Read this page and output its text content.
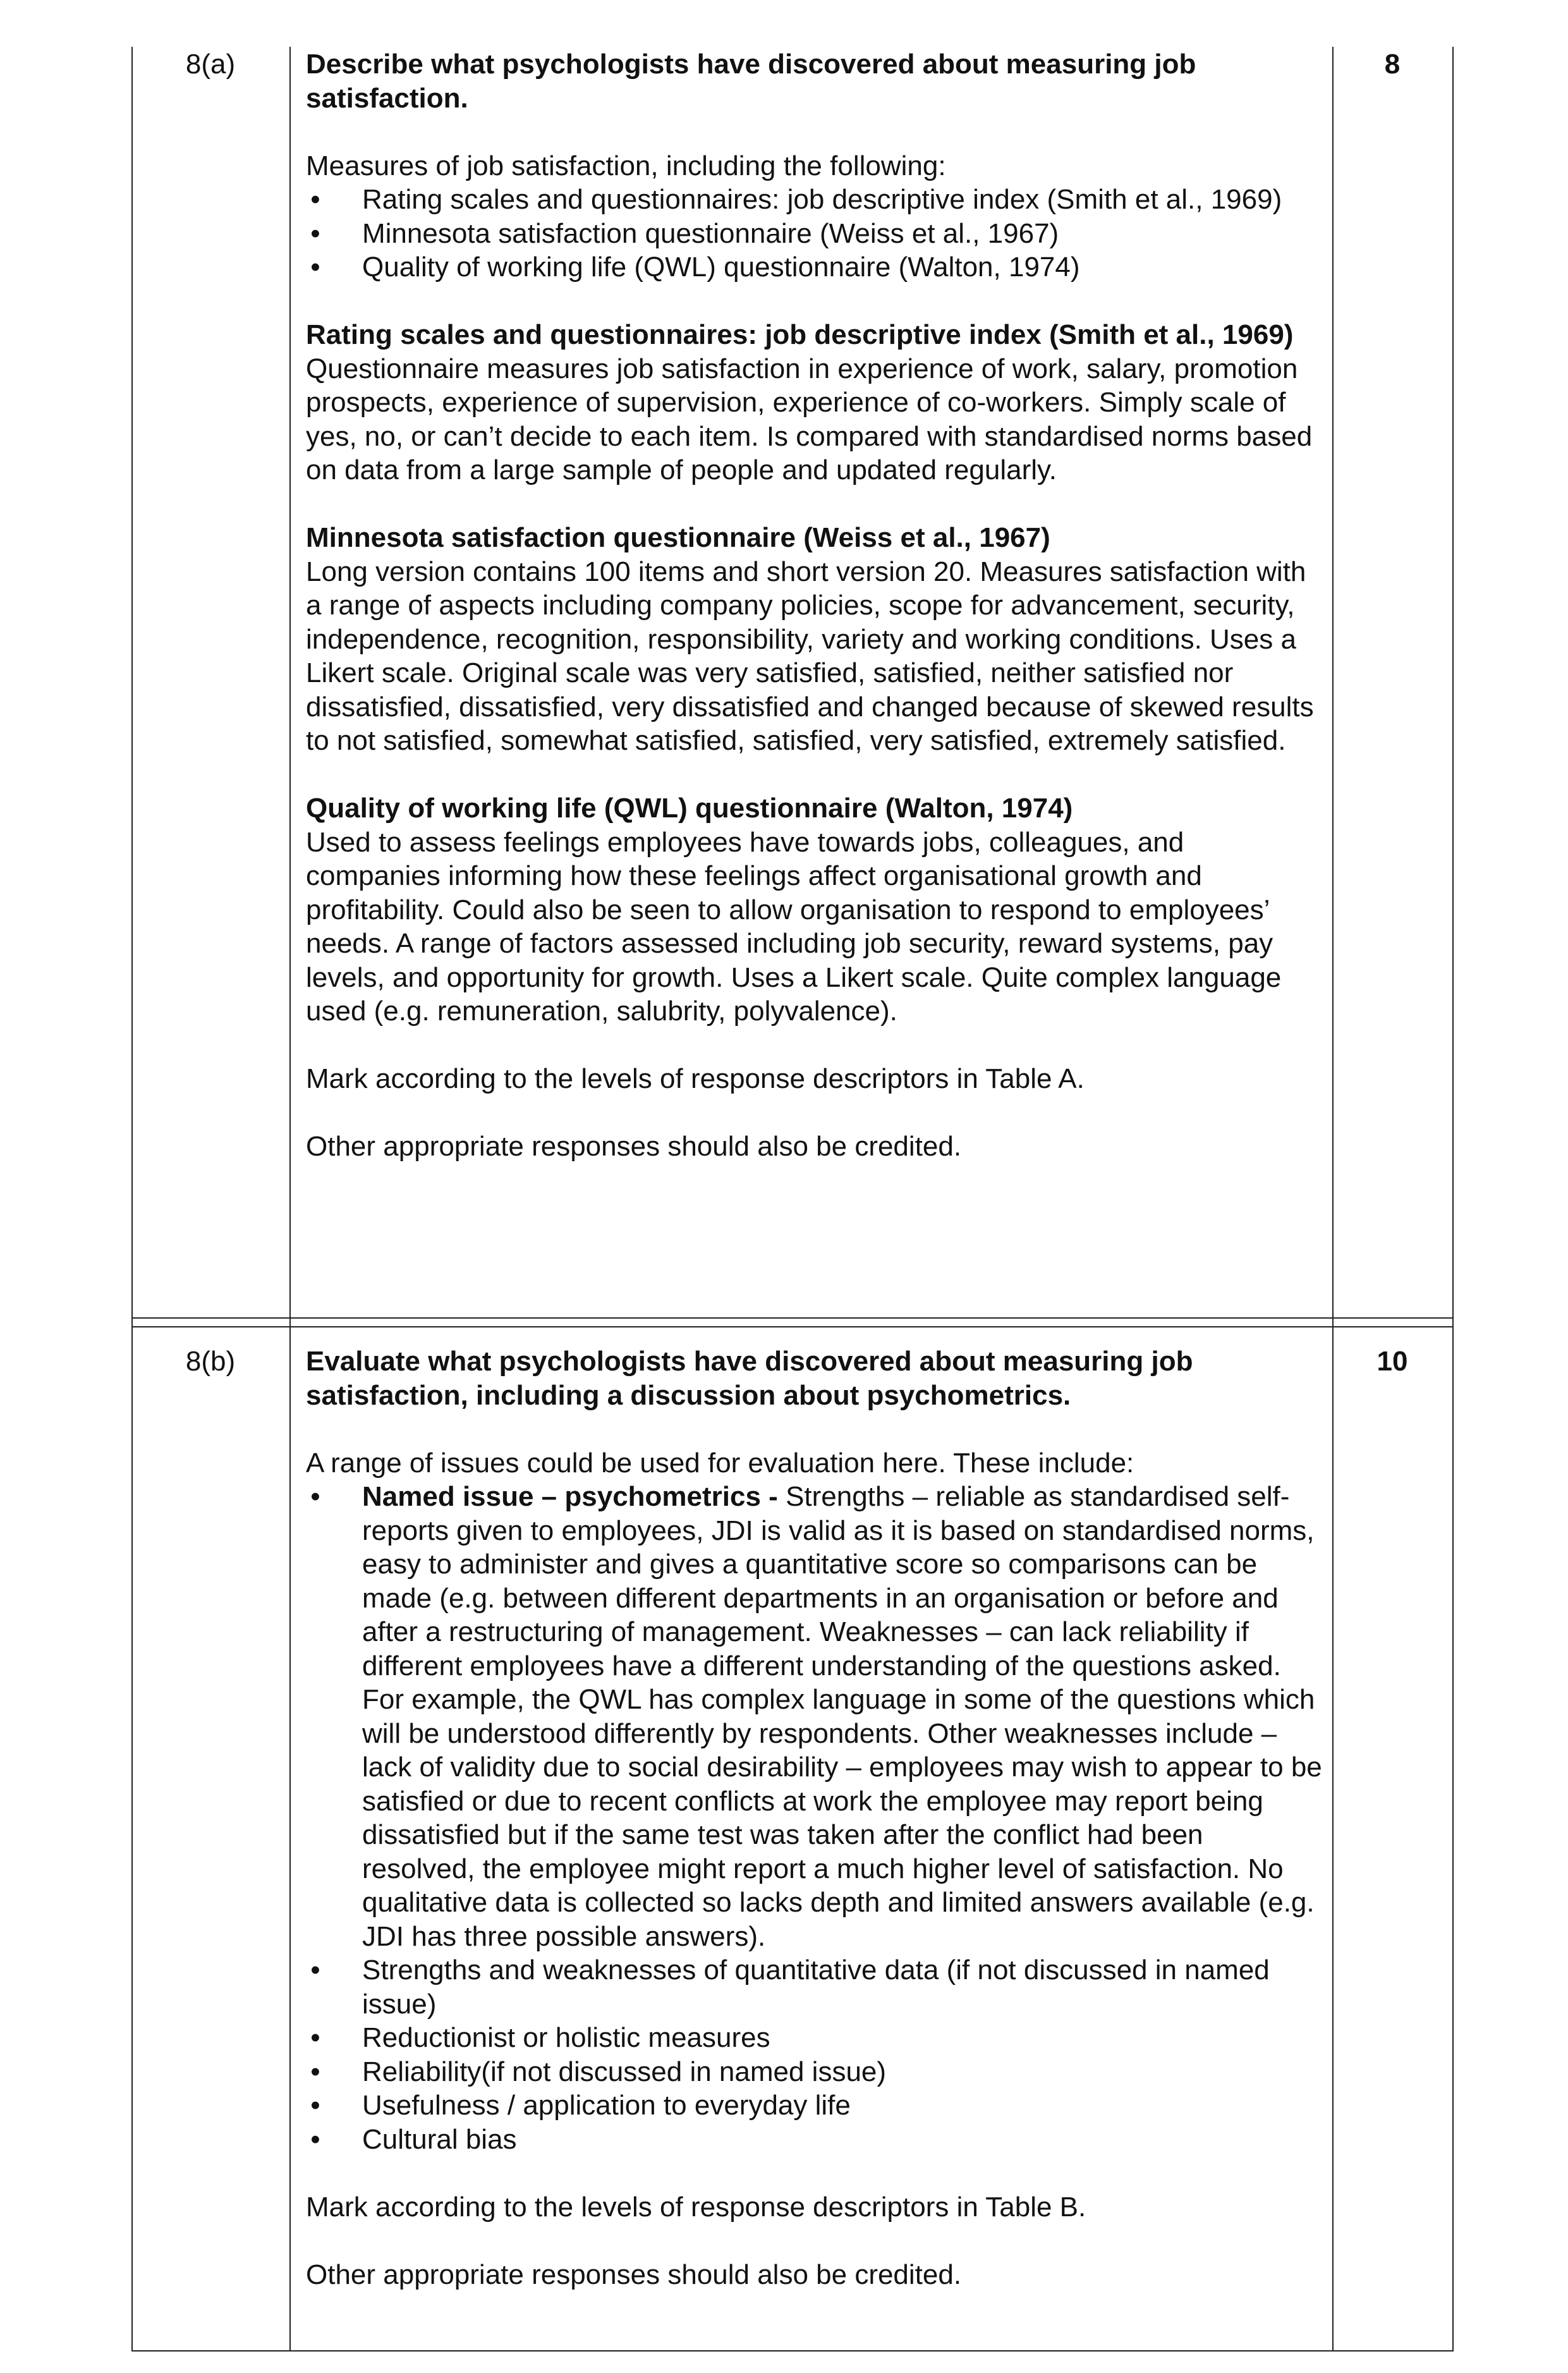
8(a)	8

Describe what psychologists have discovered about measuring job satisfaction.

Measures of job satisfaction, including the following:

• Rating scales and questionnaires: job descriptive index (Smith et al., 1969)
• Minnesota satisfaction questionnaire (Weiss et al., 1967)
• Quality of working life (QWL) questionnaire (Walton, 1974)

Rating scales and questionnaires: job descriptive index (Smith et al., 1969)

Questionnaire measures job satisfaction in experience of work, salary, promotion prospects, experience of supervision, experience of co-workers. Simply scale of yes, no, or can’t decide to each item. Is compared with standardised norms based on data from a large sample of people and updated regularly.

Minnesota satisfaction questionnaire (Weiss et al., 1967)

Long version contains 100 items and short version 20. Measures satisfaction with a range of aspects including company policies, scope for advancement, security, independence, recognition, responsibility, variety and working conditions. Uses a Likert scale. Original scale was very satisfied, satisfied, neither satisfied nor dissatisfied, dissatisfied, very dissatisfied and changed because of skewed results to not satisfied, somewhat satisfied, satisfied, very satisfied, extremely satisfied.

Quality of working life (QWL) questionnaire (Walton, 1974)

Used to assess feelings employees have towards jobs, colleagues, and companies informing how these feelings affect organisational growth and profitability. Could also be seen to allow organisation to respond to employees’ needs. A range of factors assessed including job security, reward systems, pay levels, and opportunity for growth. Uses a Likert scale. Quite complex language used (e.g. remuneration, salubrity, polyvalence).

Mark according to the levels of response descriptors in Table A.

Other appropriate responses should also be credited.

8(b)	10

Evaluate what psychologists have discovered about measuring job satisfaction, including a discussion about psychometrics.

A range of issues could be used for evaluation here. These include:

• Named issue – psychometrics - Strengths – reliable as standardised self-reports given to employees, JDI is valid as it is based on standardised norms, easy to administer and gives a quantitative score so comparisons can be made (e.g. between different departments in an organisation or before and after a restructuring of management. Weaknesses – can lack reliability if different employees have a different understanding of the questions asked. For example, the QWL has complex language in some of the questions which will be understood differently by respondents. Other weaknesses include – lack of validity due to social desirability – employees may wish to appear to be satisfied or due to recent conflicts at work the employee may report being dissatisfied but if the same test was taken after the conflict had been resolved, the employee might report a much higher level of satisfaction. No qualitative data is collected so lacks depth and limited answers available (e.g. JDI has three possible answers).
• Strengths and weaknesses of quantitative data (if not discussed in named issue)
• Reductionist or holistic measures
• Reliability(if not discussed in named issue)
• Usefulness / application to everyday life
• Cultural bias

Mark according to the levels of response descriptors in Table B.

Other appropriate responses should also be credited.
